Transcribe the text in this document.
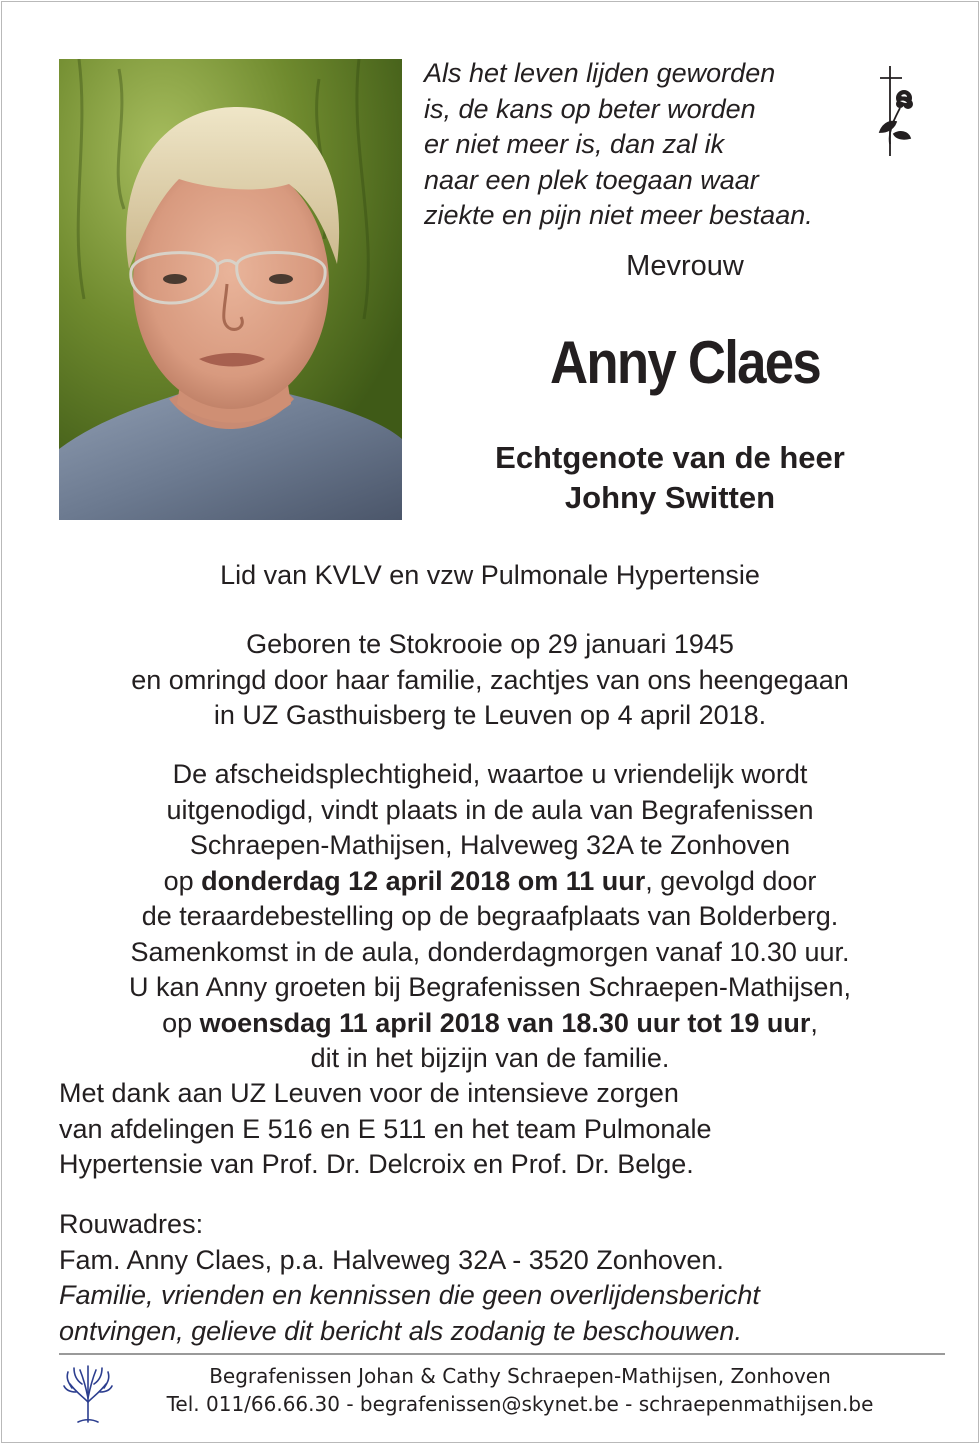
Als het leven lijden geworden
is, de kans op beter worden
er niet meer is, dan zal ik
naar een plek toegaan waar
ziekte en pijn niet meer bestaan.
Mevrouw
Anny Claes
Echtgenote van de heer
Johny Switten
Lid van KVLV en vzw Pulmonale Hypertensie
Geboren te Stokrooie op 29 januari 1945
en omringd door haar familie, zachtjes van ons heengegaan
in UZ Gasthuisberg te Leuven op 4 april 2018.
De afscheidsplechtigheid, waartoe u vriendelijk wordt
uitgenodigd, vindt plaats in de aula van Begrafenissen
Schraepen-Mathijsen, Halveweg 32A te Zonhoven
op donderdag 12 april 2018 om 11 uur, gevolgd door
de teraardebestelling op de begraafplaats van Bolderberg.
Samenkomst in de aula, donderdagmorgen vanaf 10.30 uur.
U kan Anny groeten bij Begrafenissen Schraepen-Mathijsen,
op woensdag 11 april 2018 van 18.30 uur tot 19 uur,
dit in het bijzijn van de familie.
Met dank aan UZ Leuven voor de intensieve zorgen
van afdelingen E 516 en E 511 en het team Pulmonale
Hypertensie van Prof. Dr. Delcroix en Prof. Dr. Belge.
Rouwadres:
Fam. Anny Claes, p.a. Halveweg 32A - 3520 Zonhoven.
Familie, vrienden en kennissen die geen overlijdensbericht
ontvingen, gelieve dit bericht als zodanig te beschouwen.
Begrafenissen Johan & Cathy Schraepen-Mathijsen, Zonhoven
Tel. 011/66.66.30 - begrafenissen@skynet.be - schraepenmathijsen.be
